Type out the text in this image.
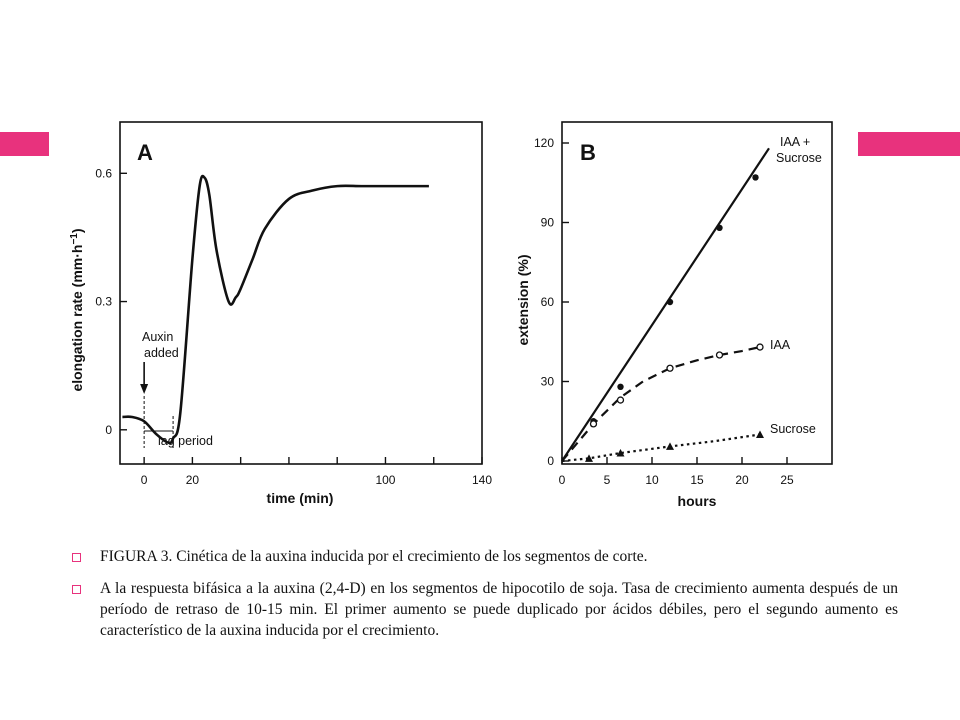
A
0	20	100	140
0
0.3
0.6
time (min)
elongation rate $(mm\cdot h^{-1})$
Auxin
added
lag period
B
0	5	10	15	20	25
0
30
60
90
120
hours
extension (%)
IAA +
Sucrose
IAA
Sucrose
FIGURA 3. Cinética de la auxina inducida por el crecimiento de los segmentos de corte.
A la respuesta bifásica a la auxina (2,4-D) en los segmentos de hipocotilo de soja. Tasa de crecimiento aumenta después de un período de retraso de 10-15 min. El primer aumento se puede duplicado por ácidos débiles, pero el segundo aumento es característico de la auxina inducida por el crecimiento.
